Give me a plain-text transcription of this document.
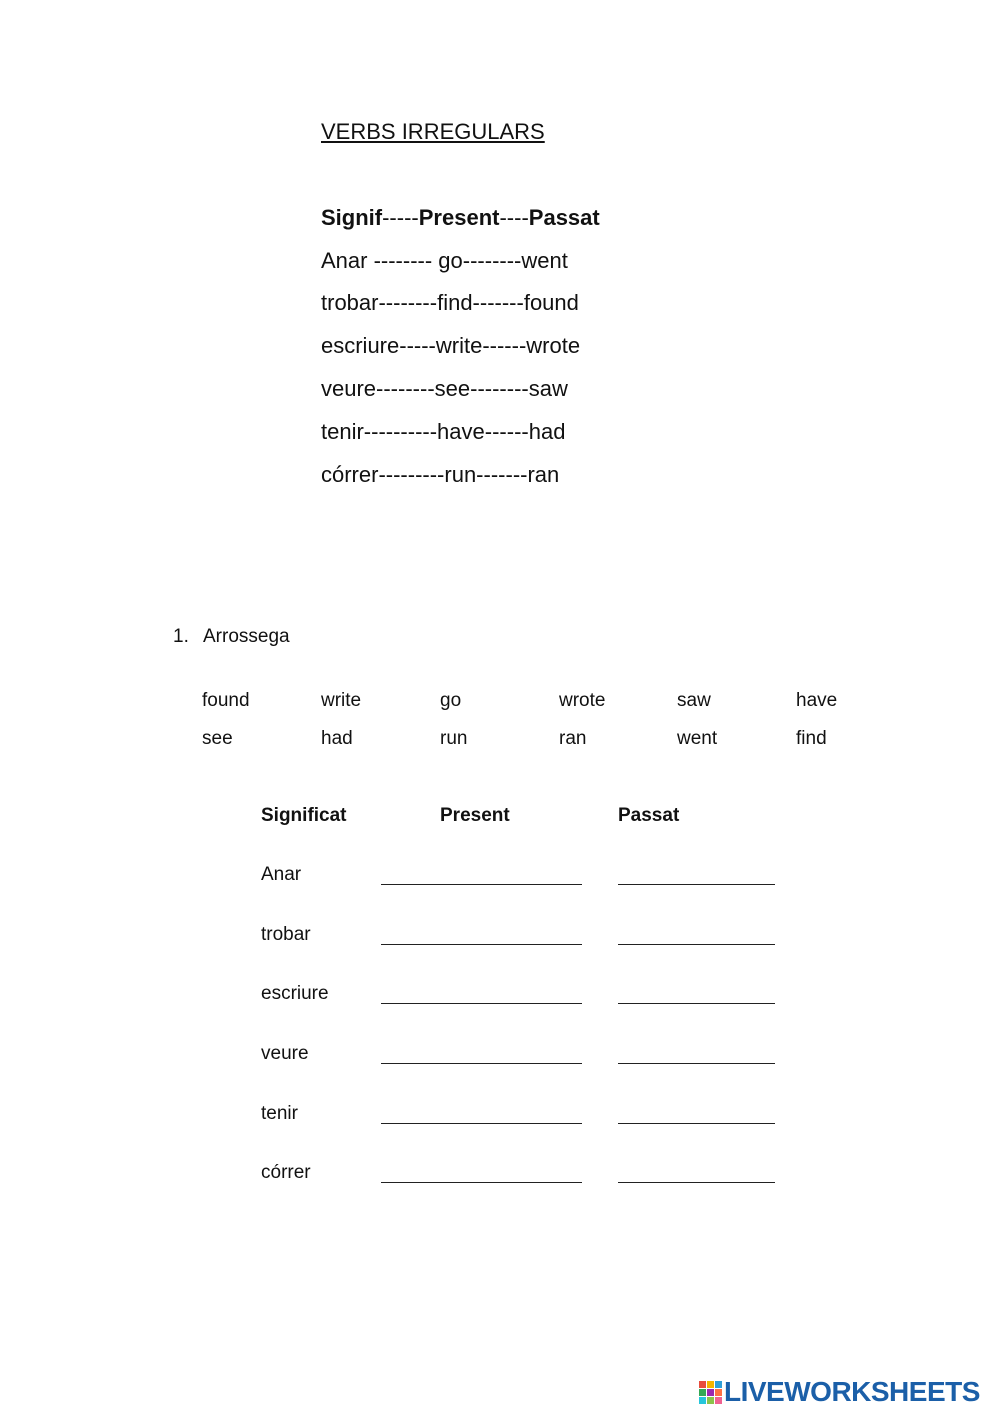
VERBS IRREGULARS
Signif-----Present----Passat
Anar -------- go--------went
trobar--------find-------found
escriure-----write------wrote
veure--------see--------saw
tenir----------have------had
córrer---------run-------ran
1. Arrossega
found	write	go	wrote	saw	have
see	had	run	ran	went	find
Significat	Present	Passat
Anar
trobar
escriure
veure
tenir
córrer
LIVEWORKSHEETS
